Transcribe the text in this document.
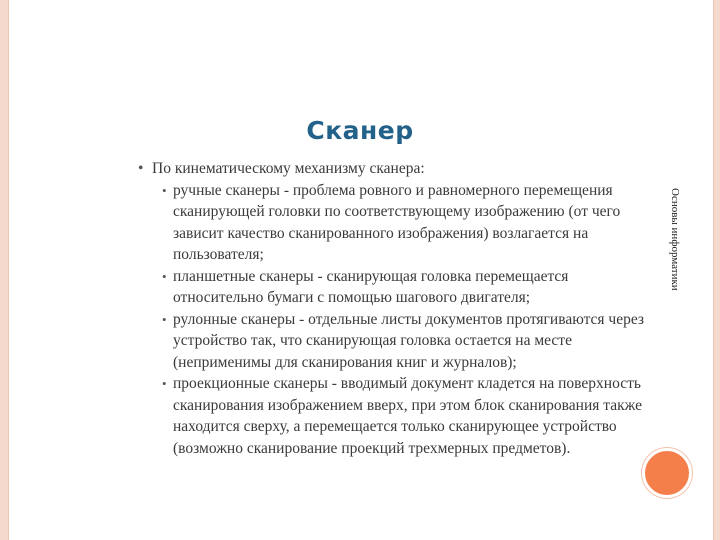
Сканер

• По кинематическому механизму сканера:

• ручные сканеры - проблема ровного и равномерного перемещения сканирующей головки по соответствующему изображению (от чего зависит качество сканированного изображения) возлагается на пользователя;

• планшетные сканеры - сканирующая головка перемещается относительно бумаги с помощью шагового двигателя;

• рулонные сканеры - отдельные листы документов протягиваются через устройство так, что сканирующая головка остается на месте (неприменимы для сканирования книг и журналов);

• проекционные сканеры - вводимый документ кладется на поверхность сканирования изображением вверх, при этом блок сканирования также находится сверху, а перемещается только сканирующее устройство (возможно сканирование проекций трехмерных предметов).

Основы информатики
